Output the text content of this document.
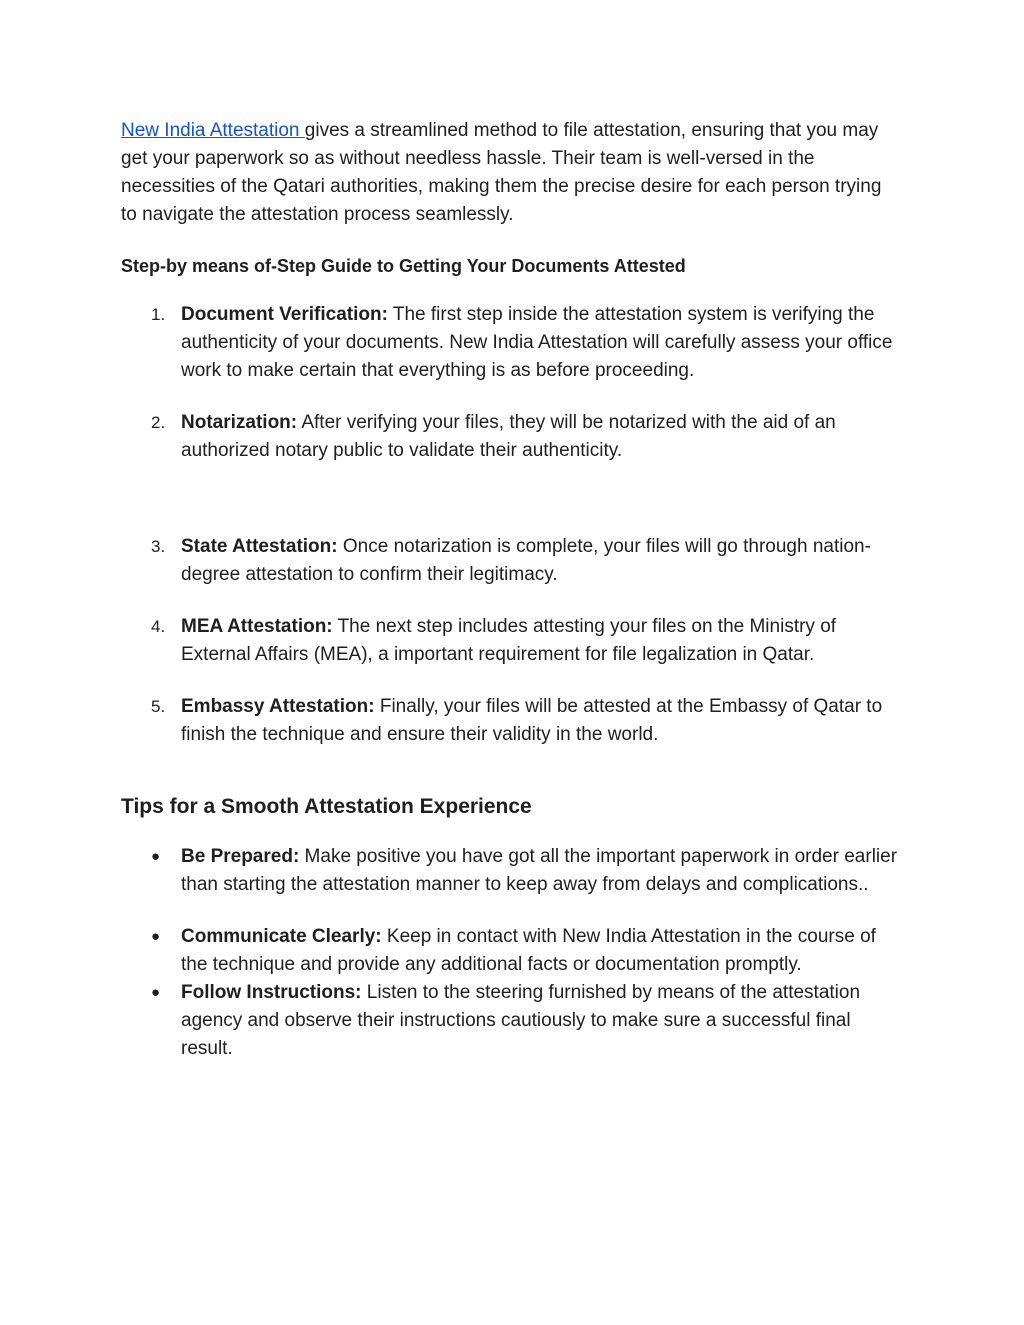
New India Attestation gives a streamlined method to file attestation, ensuring that you may get your paperwork so as without needless hassle. Their team is well-versed in the necessities of the Qatari authorities, making them the precise desire for each person trying to navigate the attestation process seamlessly.

Step-by means of-Step Guide to Getting Your Documents Attested
1. Document Verification: The first step inside the attestation system is verifying the authenticity of your documents. New India Attestation will carefully assess your office work to make certain that everything is as before proceeding.
2. Notarization: After verifying your files, they will be notarized with the aid of an authorized notary public to validate their authenticity.
3. State Attestation: Once notarization is complete, your files will go through nation-degree attestation to confirm their legitimacy.
4. MEA Attestation: The next step includes attesting your files on the Ministry of External Affairs (MEA), a important requirement for file legalization in Qatar.
5. Embassy Attestation: Finally, your files will be attested at the Embassy of Qatar to finish the technique and ensure their validity in the world.
Tips for a Smooth Attestation Experience
● Be Prepared: Make positive you have got all the important paperwork in order earlier than starting the attestation manner to keep away from delays and complications..
● Communicate Clearly: Keep in contact with New India Attestation in the course of the technique and provide any additional facts or documentation promptly.
● Follow Instructions: Listen to the steering furnished by means of the attestation agency and observe their instructions cautiously to make sure a successful final result.
